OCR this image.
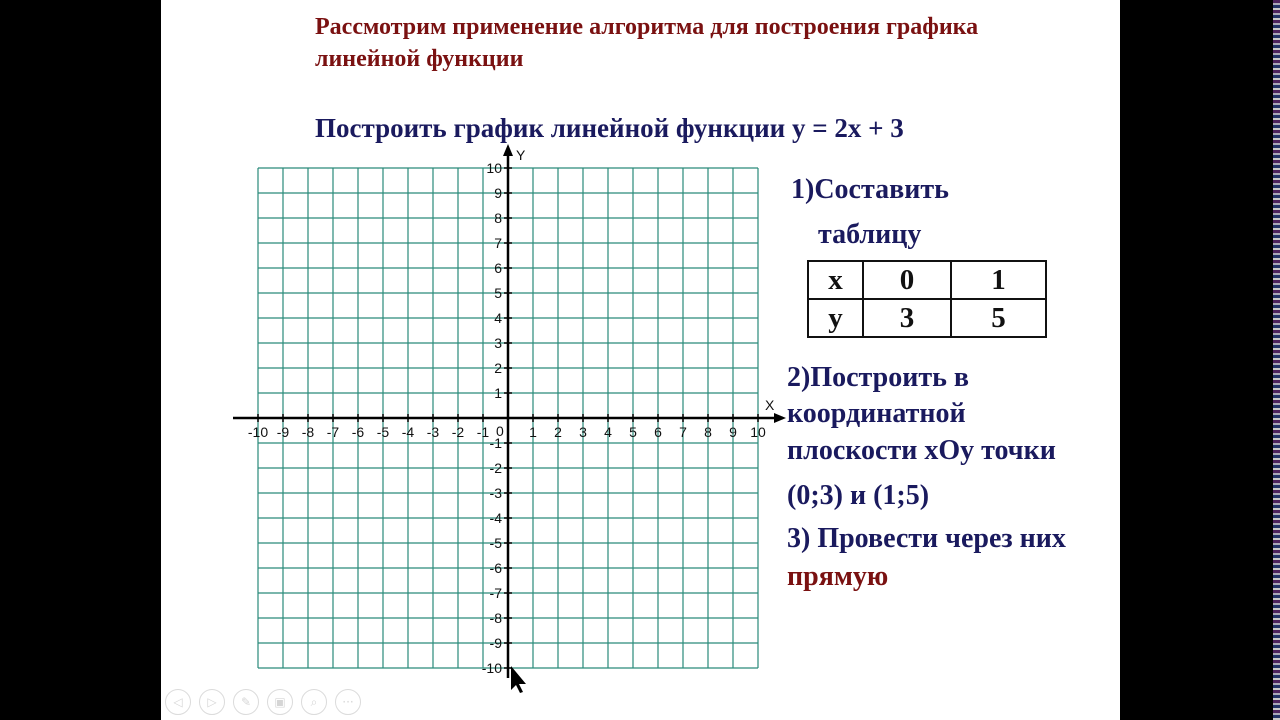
Рассмотрим применение алгоритма для построения графика
линейной функции
Построить график линейной функции у = 2х + 3
-10
-10
-9
-9
-8
-8
-7
-7
-6
-6
-5
-5
-4
-4
-3
-3
-2
-2
-1
-1
1
1
2
2
3
3
4
4
5
5
6
6
7
7
8
8
9
9
10
10
X
Y
0
1)Составить
таблицу
х	0	1
у	3	5
2)Построить в
координатной
плоскости хОу точки
(0;3) и (1;5)
3) Провести через них
прямую
◁	▷	✎	▣	⌕	···
